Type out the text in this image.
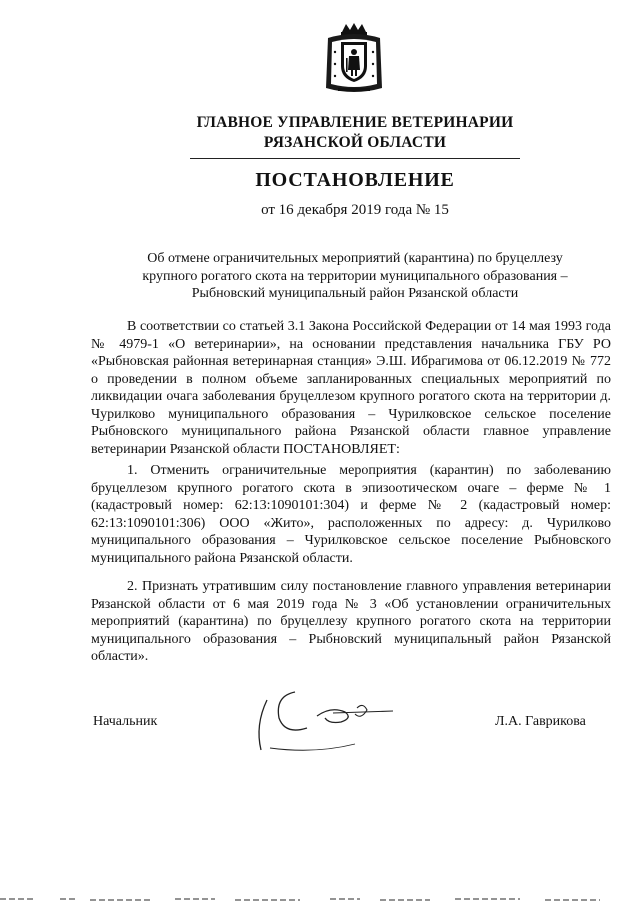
ГЛАВНОЕ УПРАВЛЕНИЕ ВЕТЕРИНАРИИ
РЯЗАНСКОЙ ОБЛАСТИ
ПОСТАНОВЛЕНИЕ
от 16 декабря 2019 года № 15
Об отмене ограничительных мероприятий (карантина) по бруцеллезу
крупного рогатого скота на территории муниципального образования –
Рыбновский муниципальный район Рязанской области

В соответствии со статьей 3.1 Закона Российской Федерации от 14 мая 1993 года № 4979-1 «О ветеринарии», на основании представления начальника ГБУ РО «Рыбновская районная ветеринарная станция» Э.Ш. Ибрагимова от 06.12.2019 № 772 о проведении в полном объеме запланированных специальных мероприятий по ликвидации очага заболевания бруцеллезом крупного рогатого скота на территории д. Чурилково муниципального образования – Чурилковское сельское поселение Рыбновского муниципального района Рязанской области главное управление ветеринарии Рязанской области ПОСТАНОВЛЯЕТ:

1. Отменить ограничительные мероприятия (карантин) по заболеванию бруцеллезом крупного рогатого скота в эпизоотическом очаге – ферме № 1 (кадастровый номер: 62:13:1090101:304) и ферме № 2 (кадастровый номер: 62:13:1090101:306) ООО «Жито», расположенных по адресу: д. Чурилково муниципального образования – Чурилковское сельское поселение Рыбновского муниципального района Рязанской области.

2. Признать утратившим силу постановление главного управления ветеринарии Рязанской области от 6 мая 2019 года № 3 «Об установлении ограничительных мероприятий (карантина) по бруцеллезу крупного рогатого скота на территории муниципального образования – Рыбновский муниципальный район Рязанской области».

Начальник	Л.А. Гаврикова
